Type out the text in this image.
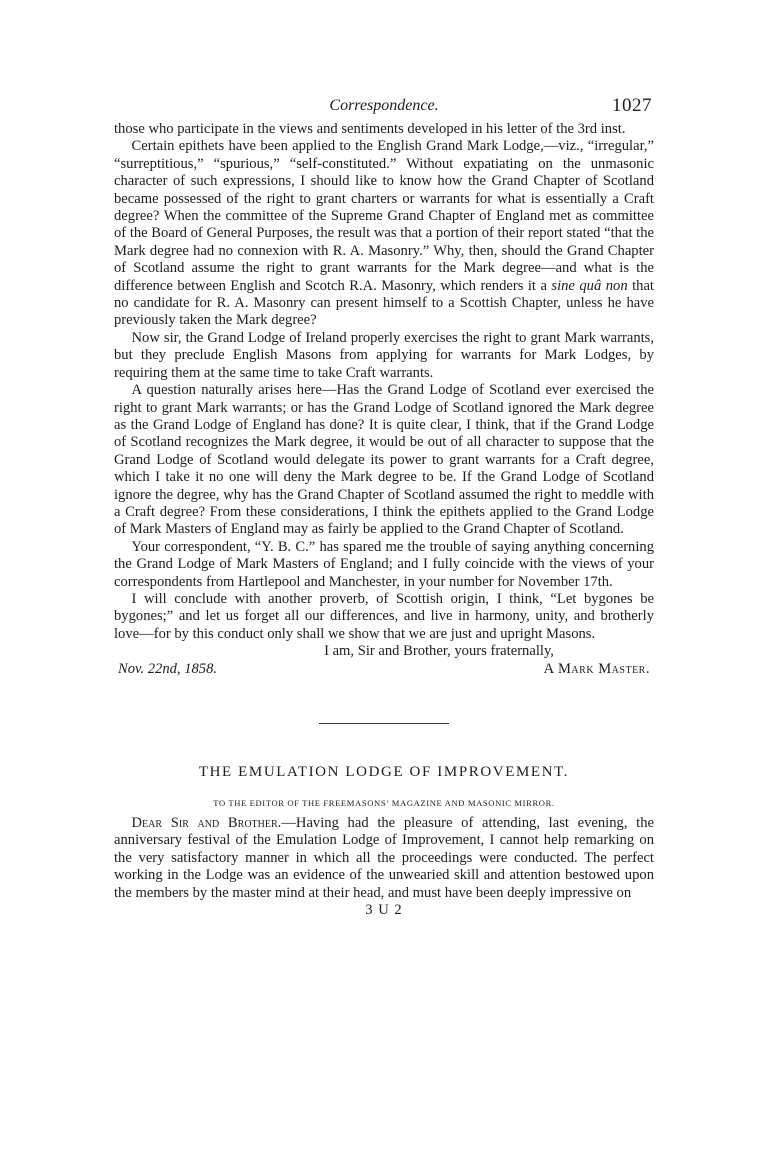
Correspondence.	1027

those who participate in the views and sentiments developed in his letter of the 3rd inst.

Certain epithets have been applied to the English Grand Mark Lodge,—viz., “irregular,” “surreptitious,” “spurious,” “self-constituted.” Without expatiating on the unmasonic character of such expressions, I should like to know how the Grand Chapter of Scotland became possessed of the right to grant charters or warrants for what is essentially a Craft degree? When the committee of the Supreme Grand Chapter of England met as committee of the Board of General Purposes, the result was that a portion of their report stated “that the Mark degree had no connexion with R. A. Masonry.” Why, then, should the Grand Chapter of Scotland assume the right to grant warrants for the Mark degree—and what is the difference between English and Scotch R.A. Masonry, which renders it a sine quâ non that no candidate for R. A. Masonry can present himself to a Scottish Chapter, unless he have previously taken the Mark degree?

Now sir, the Grand Lodge of Ireland properly exercises the right to grant Mark warrants, but they preclude English Masons from applying for warrants for Mark Lodges, by requiring them at the same time to take Craft warrants.

A question naturally arises here—Has the Grand Lodge of Scotland ever exercised the right to grant Mark warrants; or has the Grand Lodge of Scotland ignored the Mark degree as the Grand Lodge of England has done? It is quite clear, I think, that if the Grand Lodge of Scotland recognizes the Mark degree, it would be out of all character to suppose that the Grand Lodge of Scotland would delegate its power to grant warrants for a Craft degree, which I take it no one will deny the Mark degree to be. If the Grand Lodge of Scotland ignore the degree, why has the Grand Chapter of Scotland assumed the right to meddle with a Craft degree? From these considerations, I think the epithets applied to the Grand Lodge of Mark Masters of England may as fairly be applied to the Grand Chapter of Scotland.

Your correspondent, “Y. B. C.” has spared me the trouble of saying anything concerning the Grand Lodge of Mark Masters of England; and I fully coincide with the views of your correspondents from Hartlepool and Manchester, in your number for November 17th.

I will conclude with another proverb, of Scottish origin, I think, “Let bygones be bygones;” and let us forget all our differences, and live in harmony, unity, and brotherly love—for by this conduct only shall we show that we are just and upright Masons.

I am, Sir and Brother, yours fraternally,
Nov. 22nd, 1858.	A Mark Master.
THE EMULATION LODGE OF IMPROVEMENT.
TO THE EDITOR OF THE FREEMASONS’ MAGAZINE AND MASONIC MIRROR.

Dear Sir and Brother.—Having had the pleasure of attending, last evening, the anniversary festival of the Emulation Lodge of Improvement, I cannot help remarking on the very satisfactory manner in which all the proceedings were conducted. The perfect working in the Lodge was an evidence of the unwearied skill and attention bestowed upon the members by the master mind at their head, and must have been deeply impressive on

3 U 2
